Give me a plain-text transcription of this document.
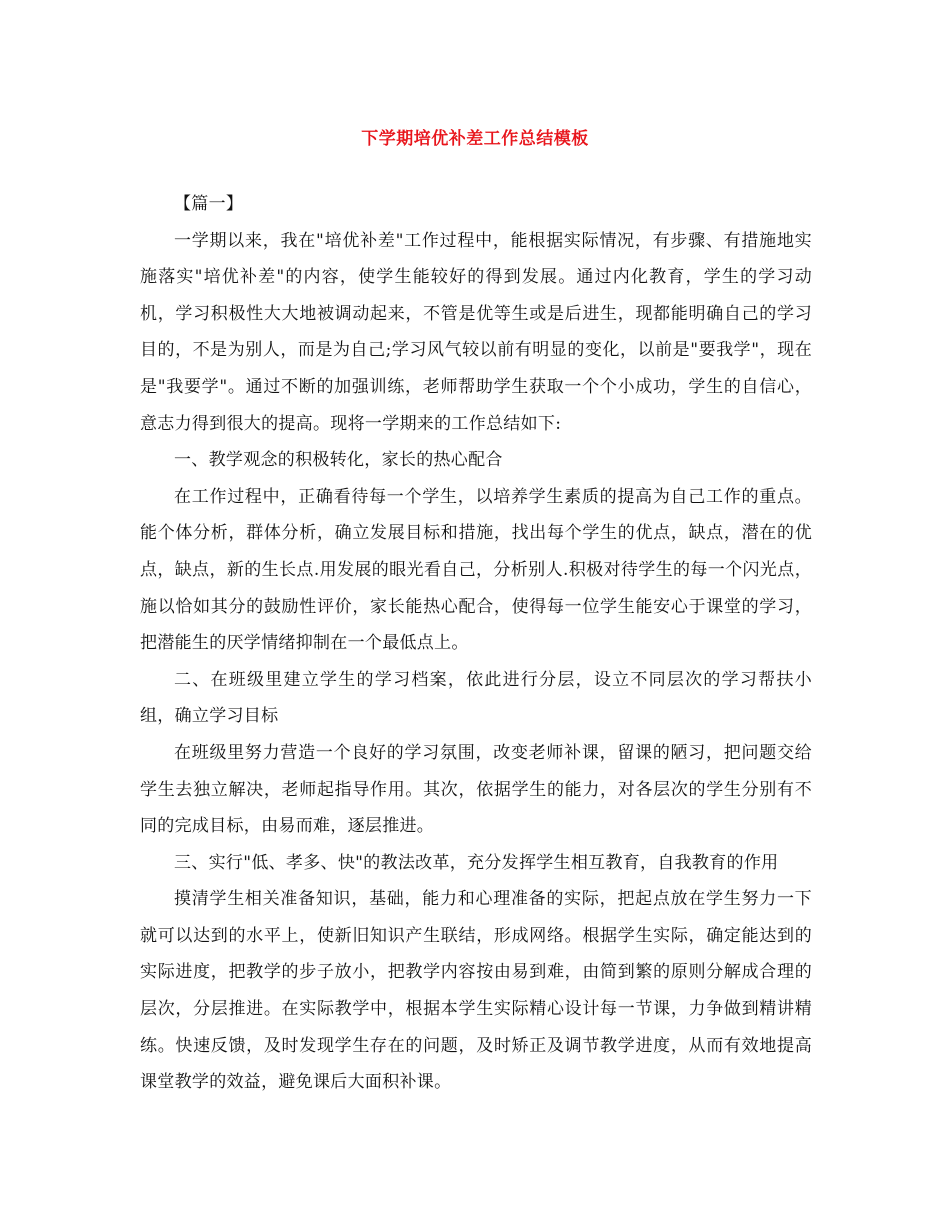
下学期培优补差工作总结模板

【篇一】

一学期以来，我在"培优补差"工作过程中，能根据实际情况，有步骤、有措施地实施落实"培优补差"的内容，使学生能较好的得到发展。通过内化教育，学生的学习动机，学习积极性大大地被调动起来，不管是优等生或是后进生，现都能明确自己的学习目的，不是为别人，而是为自己;学习风气较以前有明显的变化，以前是"要我学"，现在是"我要学"。通过不断的加强训练，老师帮助学生获取一个个小成功，学生的自信心，意志力得到很大的提高。现将一学期来的工作总结如下:

一、教学观念的积极转化，家长的热心配合

在工作过程中，正确看待每一个学生，以培养学生素质的提高为自己工作的重点。能个体分析，群体分析，确立发展目标和措施，找出每个学生的优点，缺点，潜在的优点，缺点，新的生长点.用发展的眼光看自己，分析别人.积极对待学生的每一个闪光点，施以恰如其分的鼓励性评价，家长能热心配合，使得每一位学生能安心于课堂的学习，把潜能生的厌学情绪抑制在一个最低点上。

二、在班级里建立学生的学习档案，依此进行分层，设立不同层次的学习帮扶小组，确立学习目标

在班级里努力营造一个良好的学习氛围，改变老师补课，留课的陋习，把问题交给学生去独立解决，老师起指导作用。其次，依据学生的能力，对各层次的学生分别有不同的完成目标，由易而难，逐层推进。

三、实行"低、孝多、快"的教法改革，充分发挥学生相互教育，自我教育的作用

摸清学生相关准备知识，基础，能力和心理准备的实际，把起点放在学生努力一下就可以达到的水平上，使新旧知识产生联结，形成网络。根据学生实际，确定能达到的实际进度，把教学的步子放小，把教学内容按由易到难，由简到繁的原则分解成合理的层次，分层推进。在实际教学中，根据本学生实际精心设计每一节课，力争做到精讲精练。快速反馈，及时发现学生存在的问题，及时矫正及调节教学进度，从而有效地提高课堂教学的效益，避免课后大面积补课。
